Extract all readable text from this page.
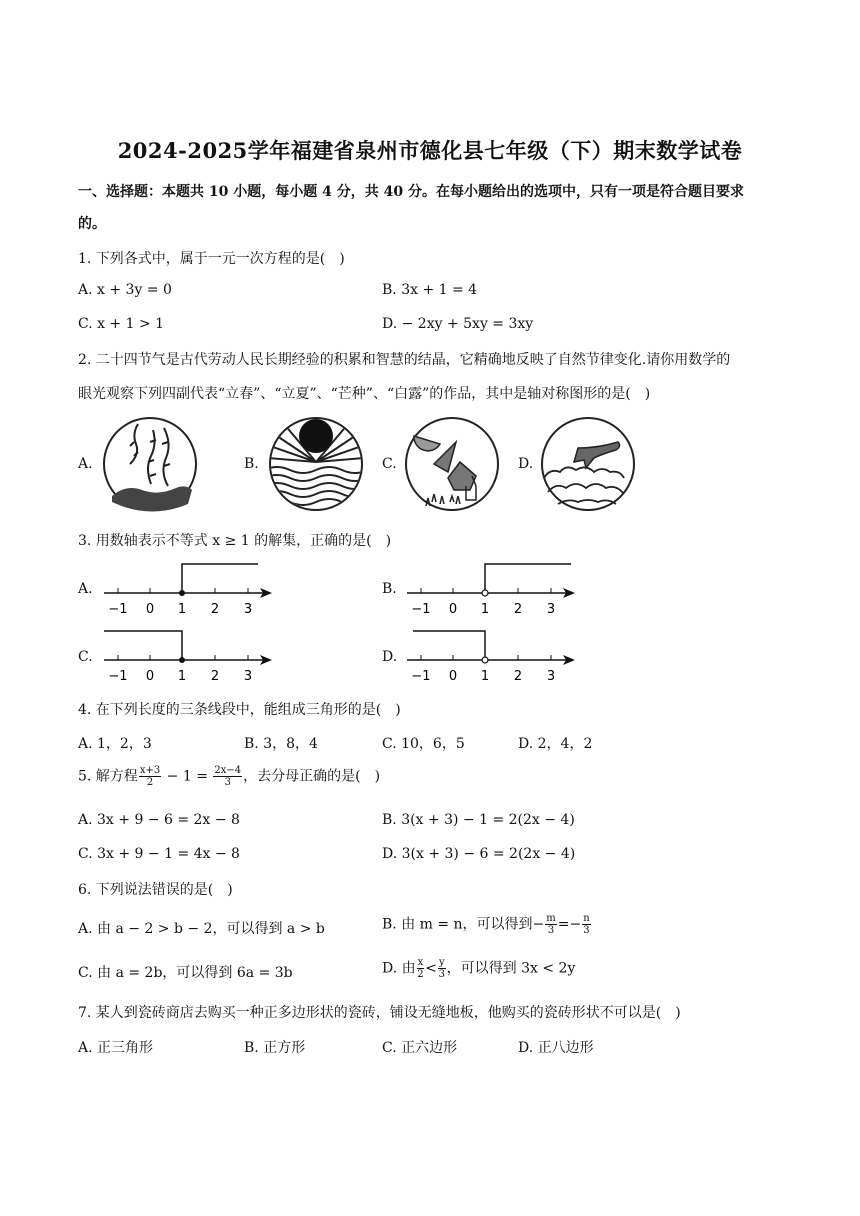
2024-2025学年福建省泉州市德化县七年级（下）期末数学试卷
一、选择题：本题共 10 小题，每小题 4 分，共 40 分。在每小题给出的选项中，只有一项是符合题目要求
的。
1. 下列各式中，属于一元一次方程的是(　)
A. x + 3y = 0	B. 3x + 1 = 4
C. x + 1 > 1	D. − 2xy + 5xy = 3xy
2. 二十四节气是古代劳动人民长期经验的积累和智慧的结晶，它精确地反映了自然节律变化.请你用数学的
眼光观察下列四副代表“立春”、“立夏”、“芒种”、“白露”的作品，其中是轴对称图形的是(　)
A.	B.	C.	D.
3. 用数轴表示不等式 x ≥ 1 的解集，正确的是(　)
A.
−1 0 1 2 3
B.
−1 0 1 2 3
C.
−1 0 1 2 3
D.
−1 0 1 2 3
4. 在下列长度的三条线段中，能组成三角形的是(　)
A. 1，2，3	B. 3，8，4	C. 10，6，5	D. 2，4，2
5. 解方程 $\frac{x+3}{2} - 1 = \frac{2x-4}{3}$ ，去分母正确的是(　)
A. 3x + 9 − 6 = 2x − 8	B. 3(x + 3) − 1 = 2(2x − 4)
C. 3x + 9 − 1 = 4x − 8	D. 3(x + 3) − 6 = 2(2x − 4)
6. 下列说法错误的是(　)
A. 由 a − 2 > b − 2，可以得到 a > b	B. 由 m = n，可以得到− $\frac{m}{3} =- \frac{n}{3}$
C. 由 a = 2b，可以得到 6a = 3b	D. 由 $\frac{x}{2} < \frac{y}{3}$ ，可以得到 3x < 2y
7. 某人到瓷砖商店去购买一种正多边形状的瓷砖，铺设无缝地板，他购买的瓷砖形状不可以是(　)
A. 正三角形	B. 正方形	C. 正六边形	D. 正八边形
